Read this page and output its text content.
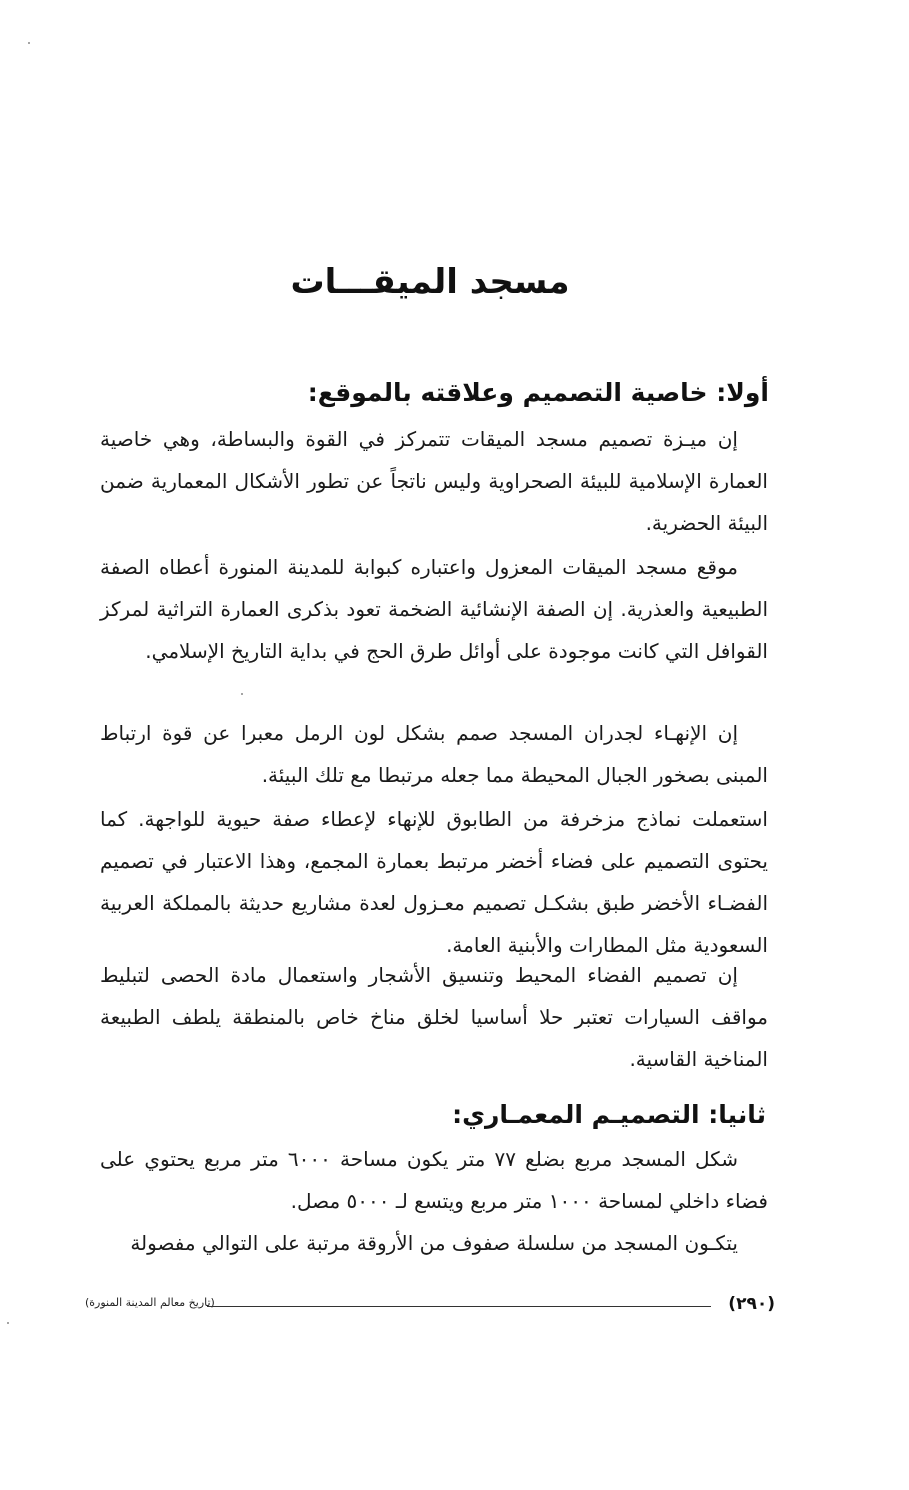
مسجد الميقـــات
أولا: خاصية التصميم وعلاقته بالموقع:

إن ميـزة تصميم مسجد الميقات تتمركز في القوة والبساطة، وهي خاصية العمارة الإسلامية للبيئة الصحراوية وليس ناتجاً عن تطور الأشكال المعمارية ضمن البيئة الحضرية.

موقع مسجد الميقات المعزول واعتباره كبوابة للمدينة المنورة أعطاه الصفة الطبيعية والعذرية. إن الصفة الإنشائية الضخمة تعود بذكرى العمارة التراثية لمركز القوافل التي كانت موجودة على أوائل طرق الحج في بداية التاريخ الإسلامي.

إن الإنهـاء لجدران المسجد صمم بشكل لون الرمل معبرا عن قوة ارتباط المبنى بصخور الجبال المحيطة مما جعله مرتبطا مع تلك البيئة.

استعملت نماذج مزخرفة من الطابوق للإنهاء لإعطاء صفة حيوية للواجهة. كما يحتوى التصميم على فضاء أخضر مرتبط بعمارة المجمع، وهذا الاعتبار في تصميم الفضـاء الأخضر طبق بشكـل تصميم معـزول لعدة مشاريع حديثة بالمملكة العربية السعودية مثل المطارات والأبنية العامة.

إن تصميم الفضاء المحيط وتنسيق الأشجار واستعمال مادة الحصى لتبليط مواقف السيارات تعتبر حلا أساسيا لخلق مناخ خاص بالمنطقة يلطف الطبيعة المناخية القاسية.

ثانيا: التصميـم المعمـاري:

شكل المسجد مربع بضلع ٧٧ متر يكون مساحة ٦٠٠٠ متر مربع يحتوي على فضاء داخلي لمساحة ١٠٠٠ متر مربع ويتسع لـ ٥٠٠٠ مصل.

يتكـون المسجد من سلسلة صفوف من الأروقة مرتبة على التوالي مفصولة

(تاريخ معالم المدينة المنورة)	(٢٩٠)
